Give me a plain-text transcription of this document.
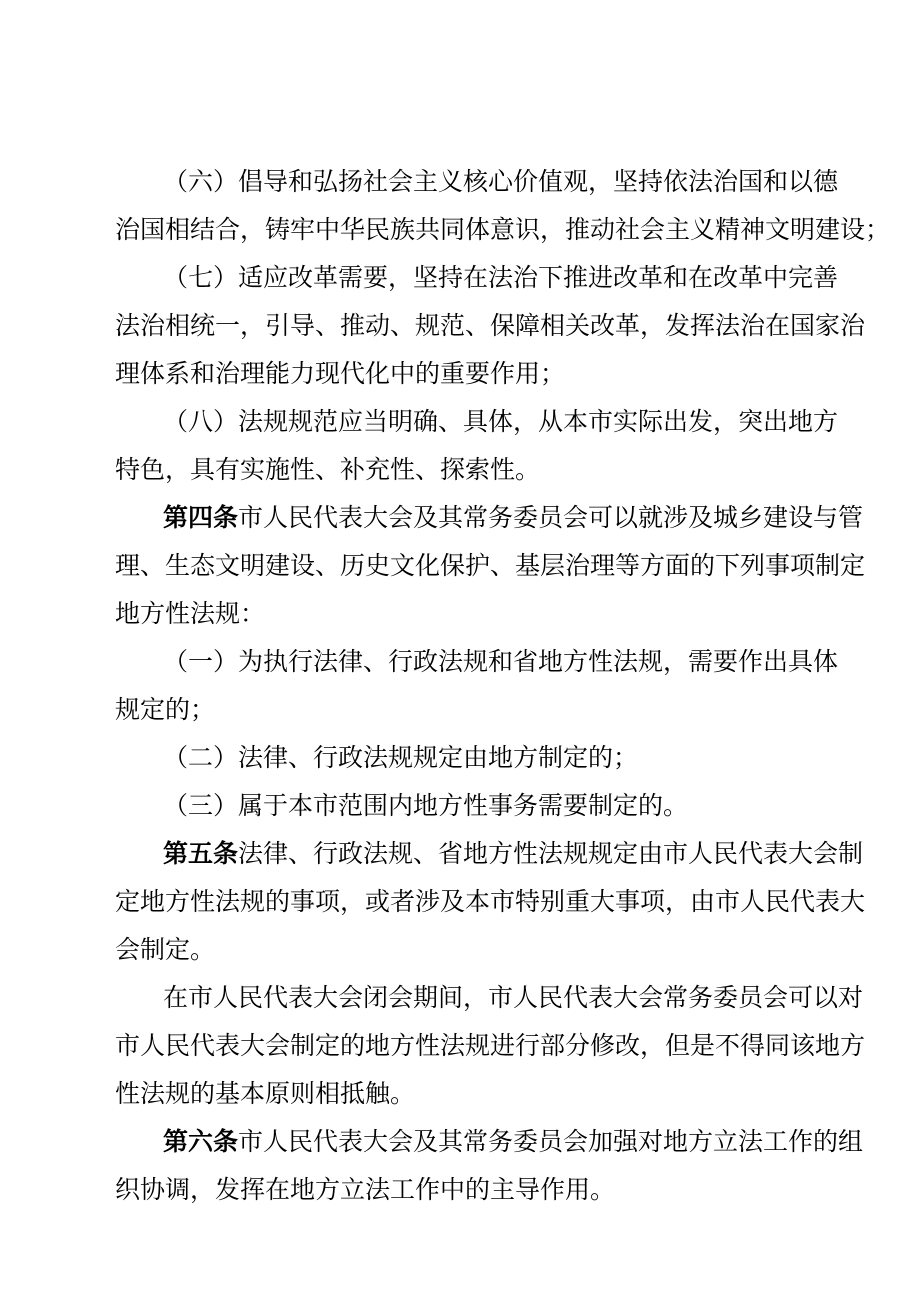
（六）倡导和弘扬社会主义核心价值观，坚持依法治国和以德

治国相结合，铸牢中华民族共同体意识，推动社会主义精神文明建设；

（七）适应改革需要，坚持在法治下推进改革和在改革中完善

法治相统一，引导、推动、规范、保障相关改革，发挥法治在国家治

理体系和治理能力现代化中的重要作用；

（八）法规规范应当明确、具体，从本市实际出发，突出地方

特色，具有实施性、补充性、探索性。

第四条市人民代表大会及其常务委员会可以就涉及城乡建设与管

理、生态文明建设、历史文化保护、基层治理等方面的下列事项制定

地方性法规：

（一）为执行法律、行政法规和省地方性法规，需要作出具体

规定的；

（二）法律、行政法规规定由地方制定的；

（三）属于本市范围内地方性事务需要制定的。

第五条法律、行政法规、省地方性法规规定由市人民代表大会制

定地方性法规的事项，或者涉及本市特别重大事项，由市人民代表大

会制定。

在市人民代表大会闭会期间，市人民代表大会常务委员会可以对

市人民代表大会制定的地方性法规进行部分修改，但是不得同该地方

性法规的基本原则相抵触。

第六条市人民代表大会及其常务委员会加强对地方立法工作的组

织协调，发挥在地方立法工作中的主导作用。
